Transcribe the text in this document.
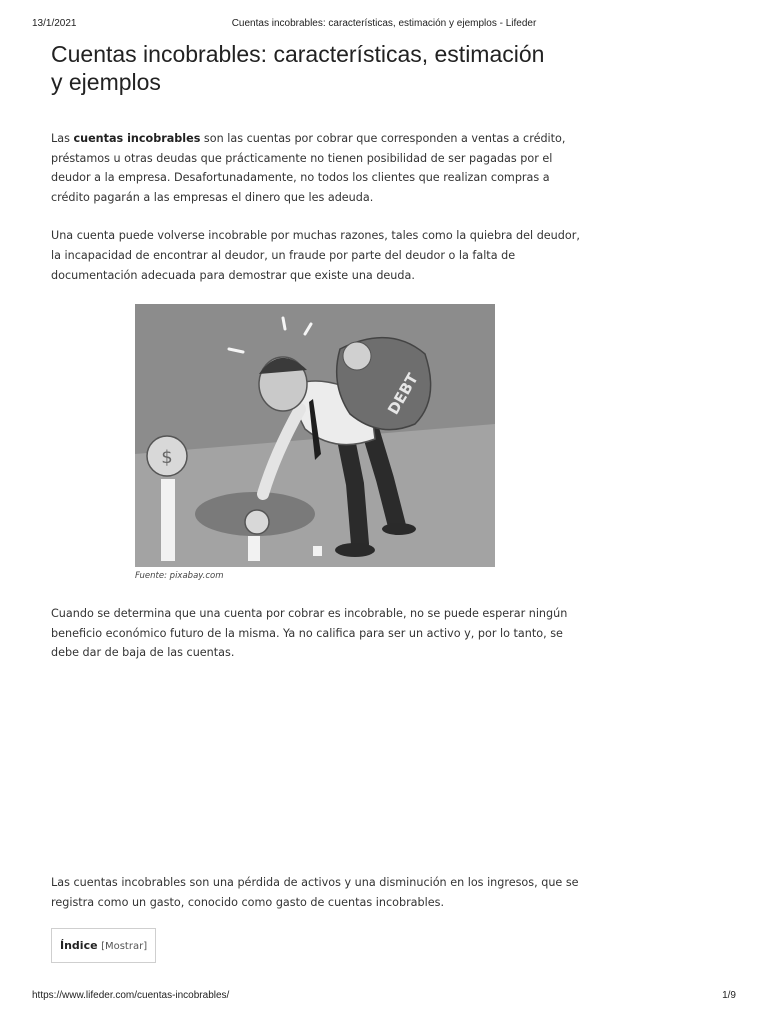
13/1/2021	Cuentas incobrables: características, estimación y ejemplos - Lifeder
Cuentas incobrables: características, estimación
y ejemplos

Las cuentas incobrables son las cuentas por cobrar que corresponden a ventas a crédito, préstamos u otras deudas que prácticamente no tienen posibilidad de ser pagadas por el deudor a la empresa. Desafortunadamente, no todos los clientes que realizan compras a crédito pagarán a las empresas el dinero que les adeuda.

Una cuenta puede volverse incobrable por muchas razones, tales como la quiebra del deudor, la incapacidad de encontrar al deudor, un fraude por parte del deudor o la falta de documentación adecuada para demostrar que existe una deuda.

$
DEBT
Fuente: pixabay.com

Cuando se determina que una cuenta por cobrar es incobrable, no se puede esperar ningún beneficio económico futuro de la misma. Ya no califica para ser un activo y, por lo tanto, se debe dar de baja de las cuentas.

Las cuentas incobrables son una pérdida de activos y una disminución en los ingresos, que se registra como un gasto, conocido como gasto de cuentas incobrables.

Índice [Mostrar]
https://www.lifeder.com/cuentas-incobrables/	1/9
